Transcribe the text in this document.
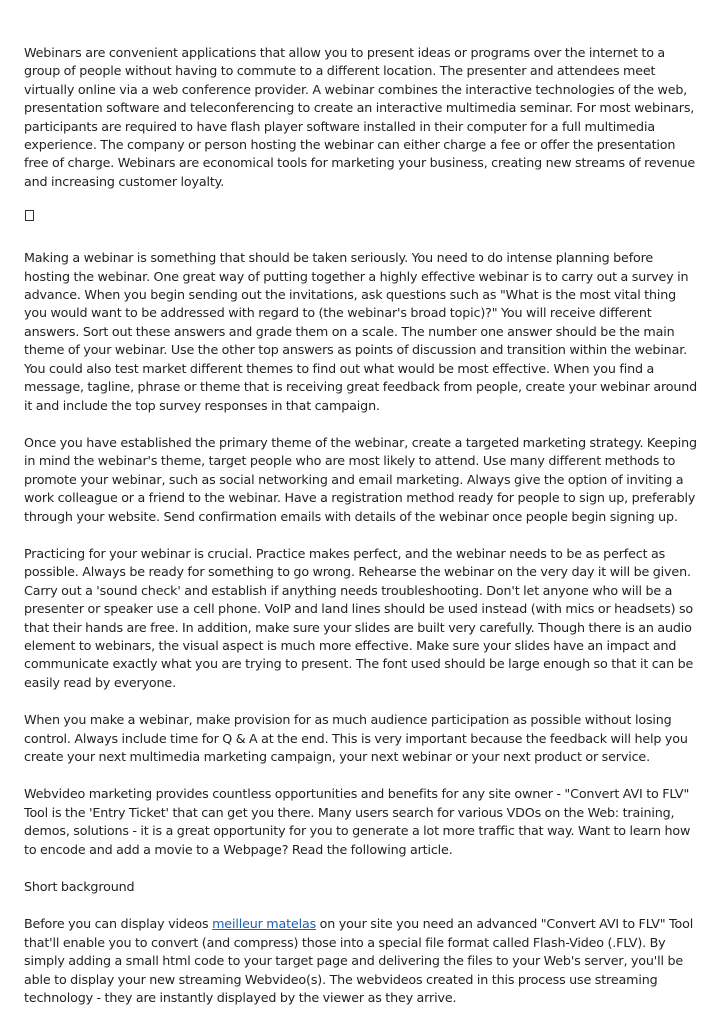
Webinars are convenient applications that allow you to present ideas or programs over the internet to a group of people without having to commute to a different location. The presenter and attendees meet virtually online via a web conference provider. A webinar combines the interactive technologies of the web, presentation software and teleconferencing to create an interactive multimedia seminar. For most webinars, participants are required to have flash player software installed in their computer for a full multimedia experience. The company or person hosting the webinar can either charge a fee or offer the presentation free of charge. Webinars are economical tools for marketing your business, creating new streams of revenue and increasing customer loyalty.

Making a webinar is something that should be taken seriously. You need to do intense planning before hosting the webinar. One great way of putting together a highly effective webinar is to carry out a survey in advance. When you begin sending out the invitations, ask questions such as "What is the most vital thing you would want to be addressed with regard to (the webinar's broad topic)?" You will receive different answers. Sort out these answers and grade them on a scale. The number one answer should be the main theme of your webinar. Use the other top answers as points of discussion and transition within the webinar. You could also test market different themes to find out what would be most effective. When you find a message, tagline, phrase or theme that is receiving great feedback from people, create your webinar around it and include the top survey responses in that campaign.

Once you have established the primary theme of the webinar, create a targeted marketing strategy. Keeping in mind the webinar's theme, target people who are most likely to attend. Use many different methods to promote your webinar, such as social networking and email marketing. Always give the option of inviting a work colleague or a friend to the webinar. Have a registration method ready for people to sign up, preferably through your website. Send confirmation emails with details of the webinar once people begin signing up.

Practicing for your webinar is crucial. Practice makes perfect, and the webinar needs to be as perfect as possible. Always be ready for something to go wrong. Rehearse the webinar on the very day it will be given. Carry out a 'sound check' and establish if anything needs troubleshooting. Don't let anyone who will be a presenter or speaker use a cell phone. VoIP and land lines should be used instead (with mics or headsets) so that their hands are free. In addition, make sure your slides are built very carefully. Though there is an audio element to webinars, the visual aspect is much more effective. Make sure your slides have an impact and communicate exactly what you are trying to present. The font used should be large enough so that it can be easily read by everyone.

When you make a webinar, make provision for as much audience participation as possible without losing control. Always include time for Q & A at the end. This is very important because the feedback will help you create your next multimedia marketing campaign, your next webinar or your next product or service.

Webvideo marketing provides countless opportunities and benefits for any site owner - "Convert AVI to FLV" Tool is the 'Entry Ticket' that can get you there. Many users search for various VDOs on the Web: training, demos, solutions - it is a great opportunity for you to generate a lot more traffic that way. Want to learn how to encode and add a movie to a Webpage? Read the following article.

Short background

Before you can display videos meilleur matelas on your site you need an advanced "Convert AVI to FLV" Tool that'll enable you to convert (and compress) those into a special file format called Flash-Video (.FLV). By simply adding a small html code to your target page and delivering the files to your Web's server, you'll be able to display your new streaming Webvideo(s). The webvideos created in this process use streaming technology - they are instantly displayed by the viewer as they arrive.
